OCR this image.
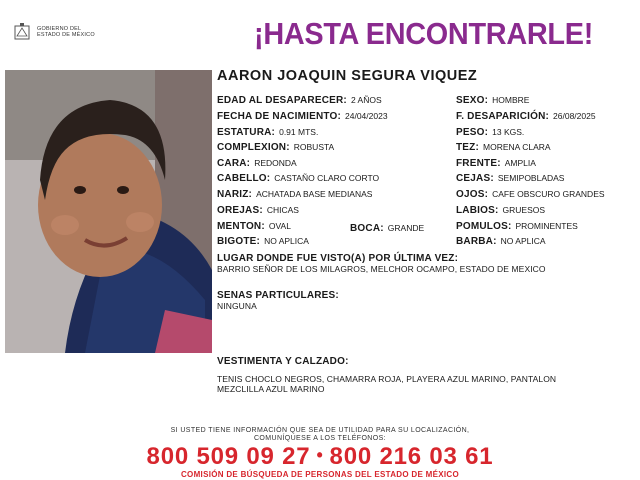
GOBIERNO DEL
ESTADO DE MÉXICO	¡HASTA ENCONTRARLE!
AARON JOAQUIN SEGURA VIQUEZ
EDAD AL DESAPARECER: 2 AÑOS
FECHA DE NACIMIENTO: 24/04/2023
ESTATURA: 0.91 MTS.
COMPLEXION: ROBUSTA
CARA: REDONDA
CABELLO: CASTAÑO CLARO CORTO
NARIZ: ACHATADA BASE MEDIANAS
OREJAS: CHICAS
MENTON: OVAL
BIGOTE: NO APLICA
BOCA: GRANDE
SEXO: HOMBRE
F. DESAPARICIÓN: 26/08/2025
PESO: 13 KGS.
TEZ: MORENA CLARA
FRENTE: AMPLIA
CEJAS: SEMIPOBLADAS
OJOS: CAFE OBSCURO GRANDES
LABIOS: GRUESOS
POMULOS: PROMINENTES
BARBA: NO APLICA
LUGAR DONDE FUE VISTO(A) POR ÚLTIMA VEZ:
BARRIO SEÑOR DE LOS MILAGROS, MELCHOR OCAMPO, ESTADO DE MEXICO
SENAS PARTICULARES:
NINGUNA
VESTIMENTA Y CALZADO:
TENIS CHOCLO NEGROS, CHAMARRA ROJA, PLAYERA AZUL MARINO, PANTALON
MEZCLILLA AZUL MARINO
SI USTED TIENE INFORMACIÓN QUE SEA DE UTILIDAD PARA SU LOCALIZACIÓN,
COMUNÍQUESE A LOS TELÉFONOS:
800 509 09 27 • 800 216 03 61
COMISIÓN DE BÚSQUEDA DE PERSONAS DEL ESTADO DE MÉXICO
